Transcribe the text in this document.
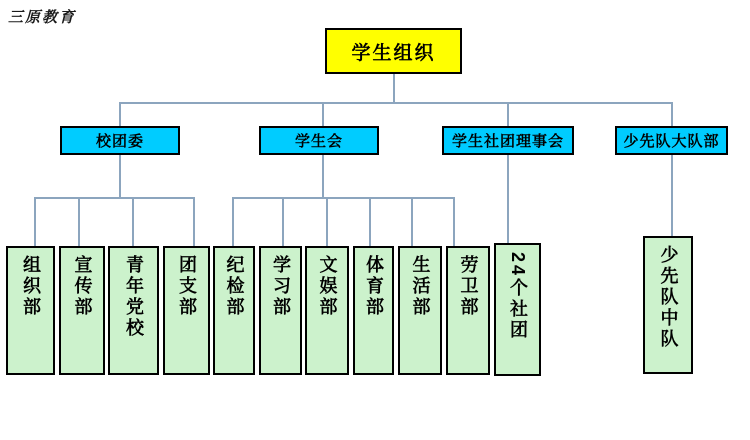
三原教育
学生组织
校团委	学生会	学生社团理事会	少先队大队部
组织部 宣传部 青年党校 团支部 纪检部 学习部 文娱部 体育部 生活部 劳卫部 24个社团	少先队中队
